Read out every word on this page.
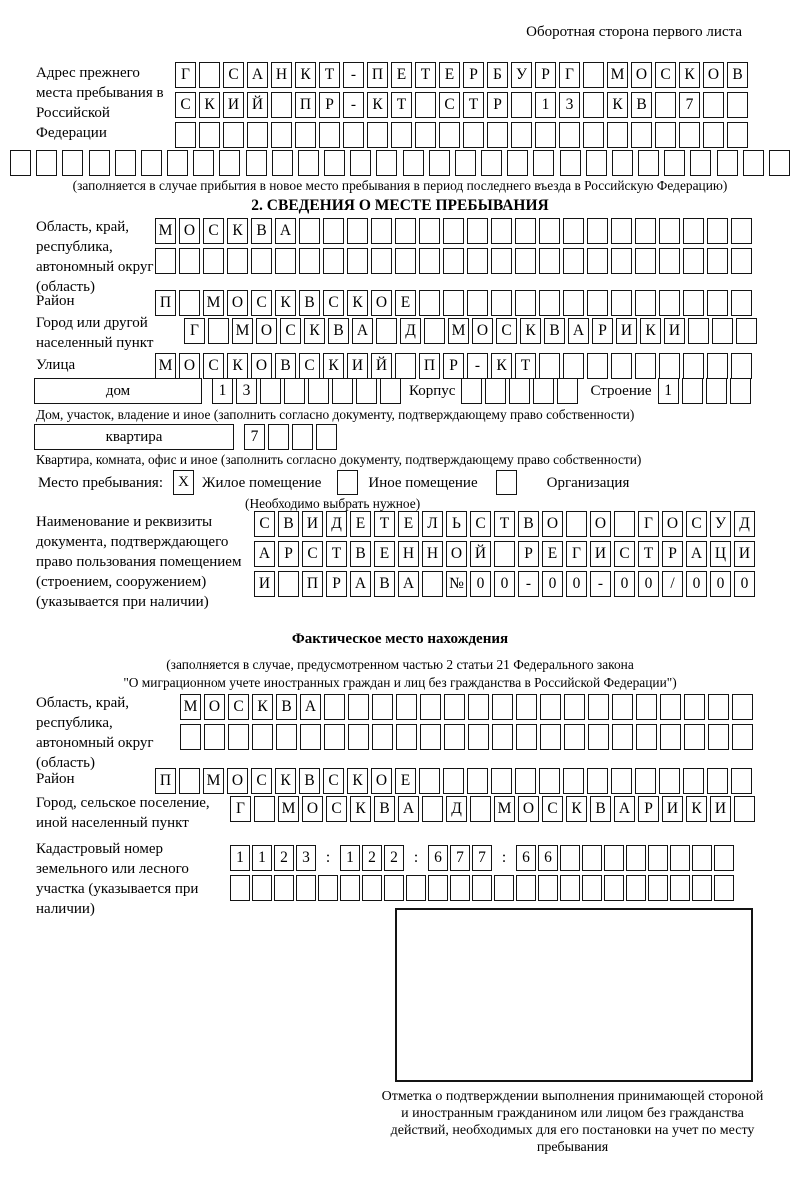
Оборотная сторона первого листа
Адрес прежнего места пребывания в Российской Федерации
Г	С А Н К Т	-	П Е Т Е Р Б У Р Г	М О С К О В
С К И Й	П Р	-	К Т	С Т Р	1	3	К В	7
(заполняется в случае прибытия в новое место пребывания в период последнего въезда в Российскую Федерацию)
2. СВЕДЕНИЯ О МЕСТЕ ПРЕБЫВАНИЯ
Область, край, республика, автономный округ (область)
М О С К В А
Район	П	М О С К В С К О Е
Город или другой населенный пункт
Г	М О С К В А	Д	М О С К В А Р И К И
Улица	М О С К О В С К И Й	П Р	-	К Т
дом	1	3	Корпус	Строение 1
Дом, участок, владение и иное (заполнить согласно документу, подтверждающему право собственности)
квартира	7
Квартира, комната, офис и иное (заполнить согласно документу, подтверждающему право собственности)
Место пребывания:	X Жилое помещение	Иное помещение	Организация
(Необходимо выбрать нужное)
Наименование и реквизиты документа, подтверждающего право пользования помещением (строением, сооружением) (указывается при наличии)
С В И Д Е Т Е Л Ь С Т В О	О	Г О С У Д
А Р С Т В Е Н Н О Й	Р Е Г И С Т Р А Ц И
И	П Р А В А	№ 0	0	-	0	0	-	0	0	/	0	0	0
Фактическое место нахождения
(заполняется в случае, предусмотренном частью 2 статьи 21 Федерального закона
"О миграционном учете иностранных граждан и лиц без гражданства в Российской Федерации")
Область, край, республика, автономный округ (область)
М О С К В А
Район	П	М О С К В С К О Е
Город, сельское поселение, иной населенный пункт
Г	М О С К В А	Д	М О С К В А Р И К И
Кадастровый номер земельного или лесного участка (указывается при наличии)
1 1 2 3	:	1 2 2	:	6 7 7	:	6 6
Отметка о подтверждении выполнения принимающей стороной и иностранным гражданином или лицом без гражданства действий, необходимых для его постановки на учет по месту пребывания
